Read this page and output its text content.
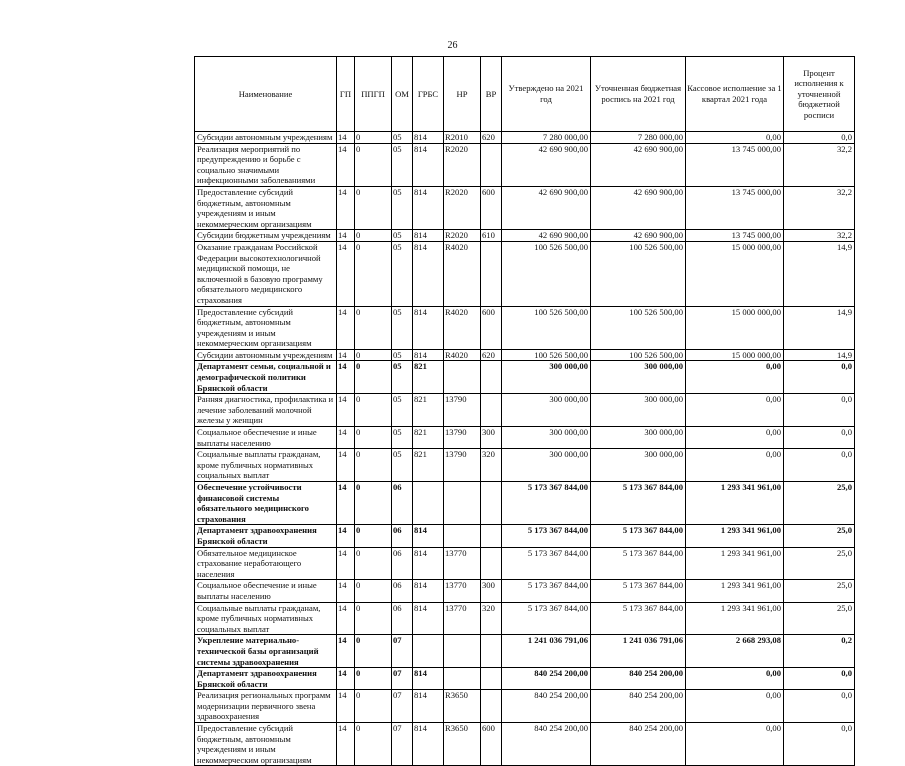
26
Наименование	ГП	ППГП	ОМ	ГРБС	НР	ВР	Утверждено на 2021 год	Уточненная бюджетная роспись на 2021 год	Кассовое исполнение за 1 квартал 2021 года	Процент исполнения к уточненной бюджетной росписи
Субсидии автономным учреждениям	14	0	05	814	R2010	620	7 280 000,00	7 280 000,00	0,00	0,0
Реализация мероприятий по предупреждению и борьбе с социально значимыми инфекционными заболеваниями	14	0	05	814	R2020		42 690 900,00	42 690 900,00	13 745 000,00	32,2
Предоставление субсидий бюджетным, автономным учреждениям и иным некоммерческим организациям	14	0	05	814	R2020	600	42 690 900,00	42 690 900,00	13 745 000,00	32,2
Субсидии бюджетным учреждениям	14	0	05	814	R2020	610	42 690 900,00	42 690 900,00	13 745 000,00	32,2
Оказание гражданам Российской Федерации высокотехнологичной медицинской помощи, не включенной в базовую программу обязательного медицинского страхования	14	0	05	814	R4020		100 526 500,00	100 526 500,00	15 000 000,00	14,9
Предоставление субсидий бюджетным, автономным учреждениям и иным некоммерческим организациям	14	0	05	814	R4020	600	100 526 500,00	100 526 500,00	15 000 000,00	14,9
Субсидии автономным учреждениям	14	0	05	814	R4020	620	100 526 500,00	100 526 500,00	15 000 000,00	14,9
Департамент семьи, социальной и демографической политики Брянской области	14	0	05	821			300 000,00	300 000,00	0,00	0,0
Ранняя диагностика, профилактика и лечение заболеваний молочной железы у женщин	14	0	05	821	13790		300 000,00	300 000,00	0,00	0,0
Социальное обеспечение и иные выплаты населению	14	0	05	821	13790	300	300 000,00	300 000,00	0,00	0,0
Социальные выплаты гражданам, кроме публичных нормативных социальных выплат	14	0	05	821	13790	320	300 000,00	300 000,00	0,00	0,0
Обеспечение устойчивости финансовой системы обязательного медицинского страхования	14	0	06				5 173 367 844,00	5 173 367 844,00	1 293 341 961,00	25,0
Департамент здравоохранения Брянской области	14	0	06	814			5 173 367 844,00	5 173 367 844,00	1 293 341 961,00	25,0
Обязательное медицинское страхование неработающего населения	14	0	06	814	13770		5 173 367 844,00	5 173 367 844,00	1 293 341 961,00	25,0
Социальное обеспечение и иные выплаты населению	14	0	06	814	13770	300	5 173 367 844,00	5 173 367 844,00	1 293 341 961,00	25,0
Социальные выплаты гражданам, кроме публичных нормативных социальных выплат	14	0	06	814	13770	320	5 173 367 844,00	5 173 367 844,00	1 293 341 961,00	25,0
Укрепление материально-технической базы организаций системы здравоохранения	14	0	07				1 241 036 791,06	1 241 036 791,06	2 668 293,08	0,2
Департамент здравоохранения Брянской области	14	0	07	814			840 254 200,00	840 254 200,00	0,00	0,0
Реализация региональных программ модернизации первичного звена здравоохранения	14	0	07	814	R3650		840 254 200,00	840 254 200,00	0,00	0,0
Предоставление субсидий бюджетным, автономным учреждениям и иным некоммерческим организациям	14	0	07	814	R3650	600	840 254 200,00	840 254 200,00	0,00	0,0
